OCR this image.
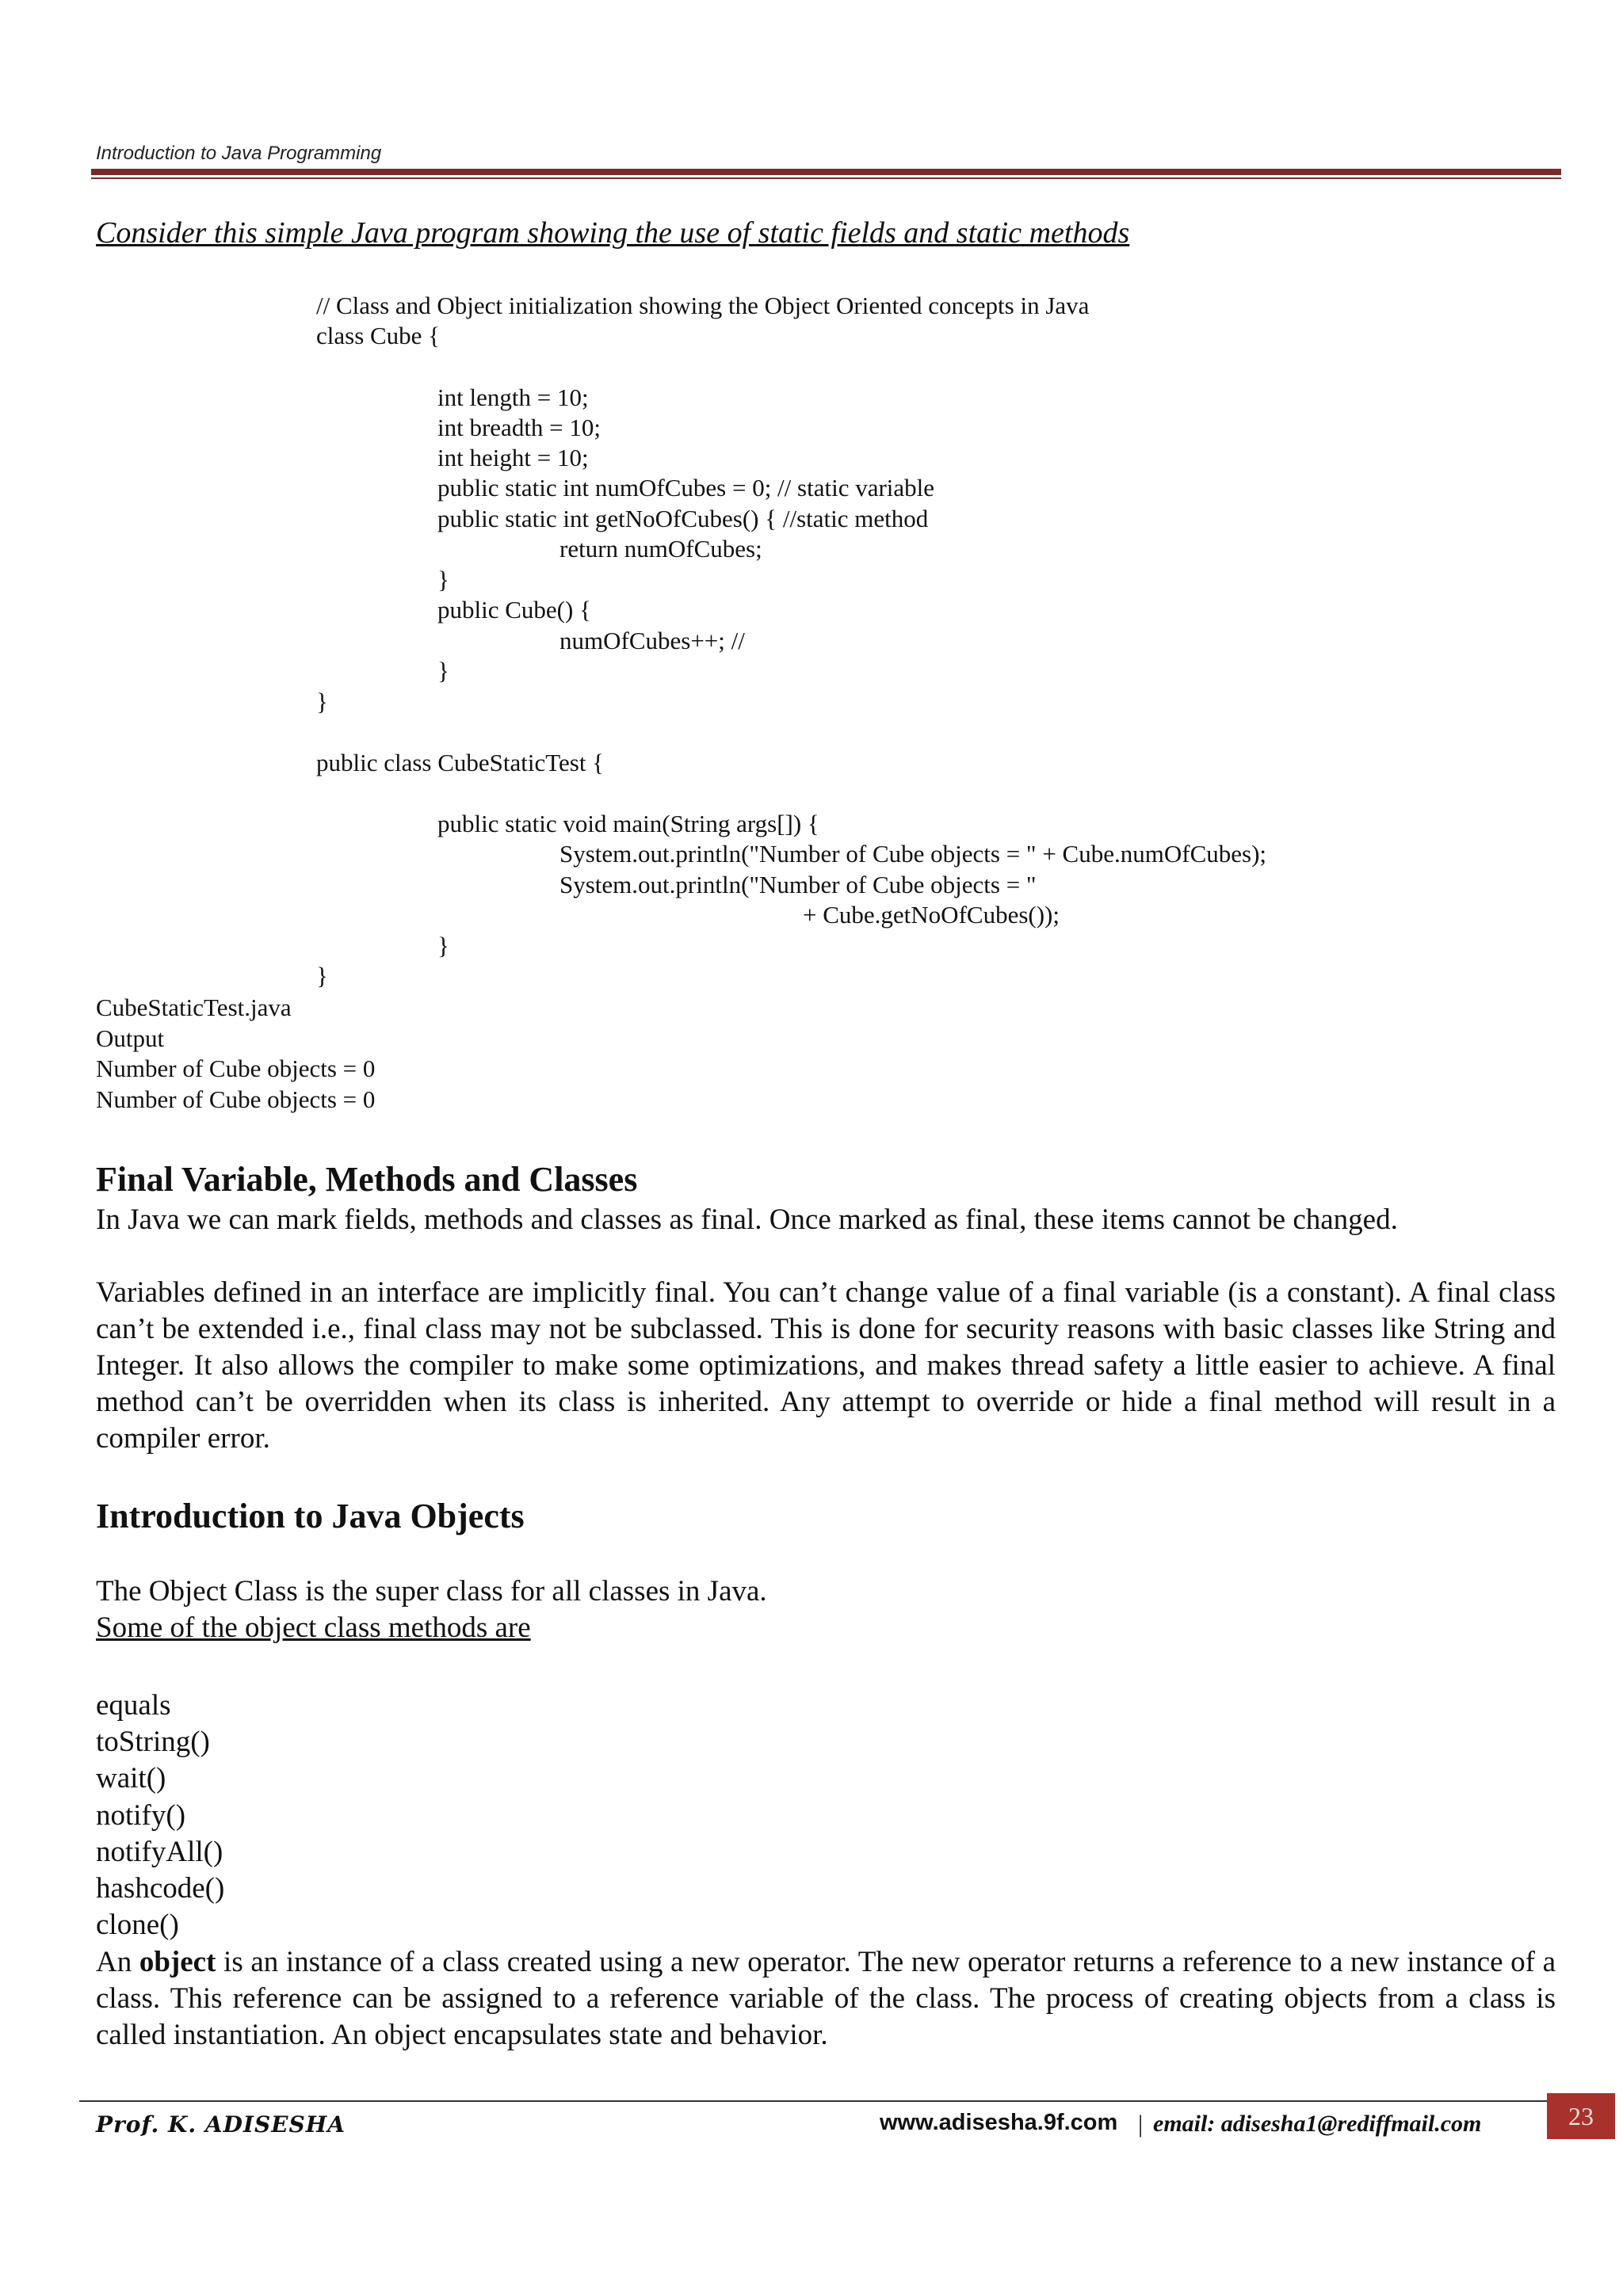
Introduction to Java Programming
Consider this simple Java program showing the use of static fields and static methods
// Class and Object initialization showing the Object Oriented concepts in Java
class Cube {
int length = 10;
int breadth = 10;
int height = 10;
public static int numOfCubes = 0; // static variable
public static int getNoOfCubes() { //static method
return numOfCubes;
}
public Cube() {
numOfCubes++; //
}
}
public class CubeStaticTest {
public static void main(String args[]) {
System.out.println("Number of Cube objects = " + Cube.numOfCubes);
System.out.println("Number of Cube objects = "
+ Cube.getNoOfCubes());
}
}
CubeStaticTest.java
Output
Number of Cube objects = 0
Number of Cube objects = 0
Final Variable, Methods and Classes

In Java we can mark fields, methods and classes as final. Once marked as final, these items cannot be changed.

Variables defined in an interface are implicitly final. You can’t change value of a final variable (is a constant). A final class can’t be extended i.e., final class may not be subclassed. This is done for security reasons with basic classes like String and Integer. It also allows the compiler to make some optimizations, and makes thread safety a little easier to achieve. A final method can’t be overridden when its class is inherited. Any attempt to override or hide a final method will result in a compiler error.

Introduction to Java Objects
The Object Class is the super class for all classes in Java.
Some of the object class methods are
equals
toString()
wait()
notify()
notifyAll()
hashcode()
clone()

An object is an instance of a class created using a new operator. The new operator returns a reference to a new instance of a class. This reference can be assigned to a reference variable of the class. The process of creating objects from a class is called instantiation. An object encapsulates state and behavior.

Prof. K. ADISESHA	www.adisesha.9f.com | email: adisesha1@rediffmail.com	23
